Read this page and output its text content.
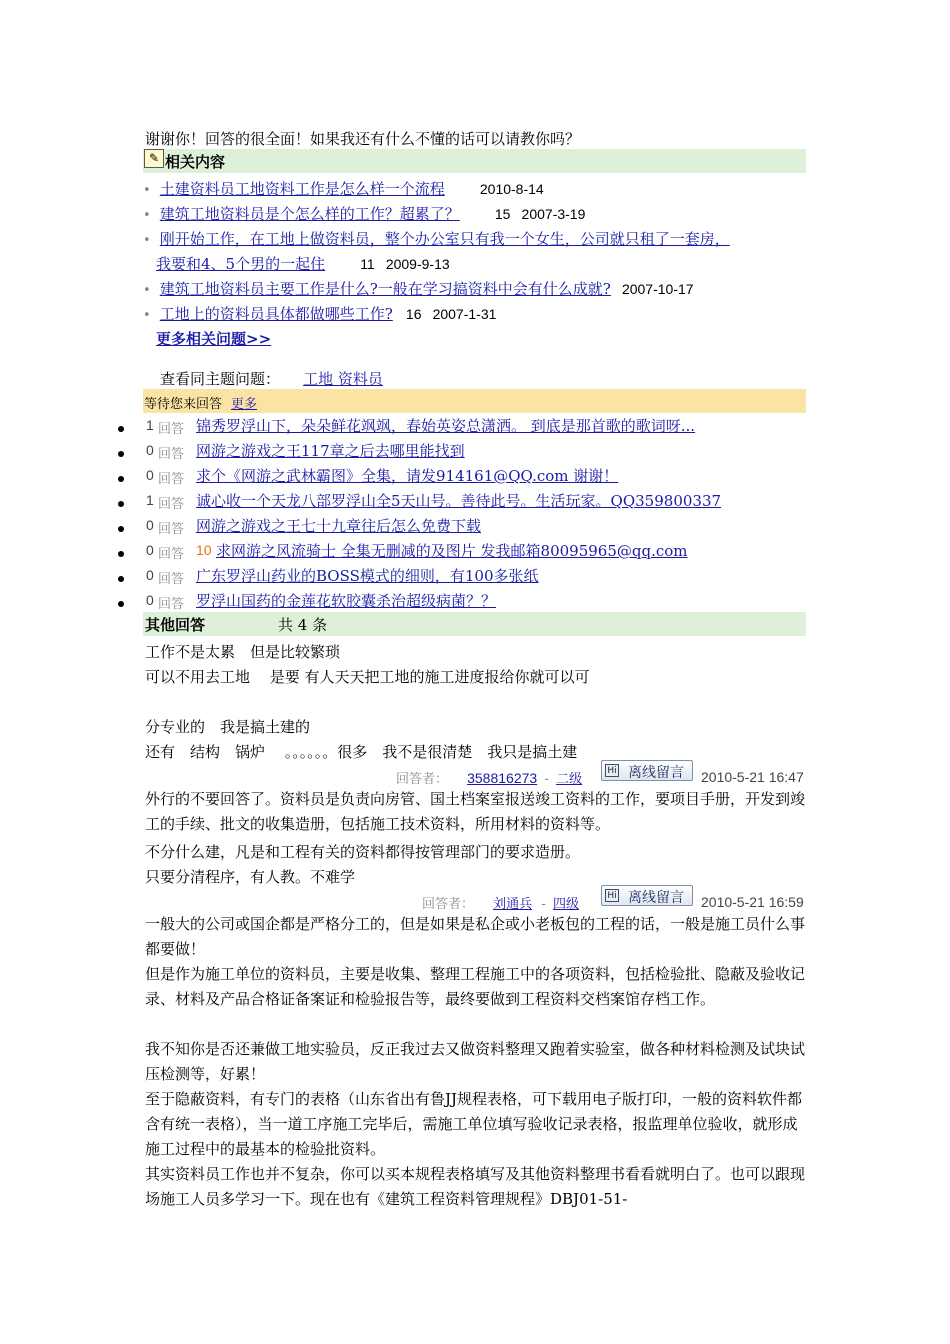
谢谢你！回答的很全面！如果我还有什么不懂的话可以请教你吗？
✎ 相关内容
• 土建资料员工地资料工作是怎么样一个流程	2010-8-14
• 建筑工地资料员是个怎么样的工作？超累了？	15 2007-3-19
• 刚开始工作，在工地上做资料员，整个办公室只有我一个女生，公司就只租了一套房，
我要和4、5个男的一起住	11 2009-9-13
• 建筑工地资料员主要工作是什么?一般在学习搞资料中会有什么成就? 2007-10-17
• 工地上的资料员具体都做哪些工作? 16 2007-1-31
更多相关问题>>
查看同主题问题： 工地 资料员
等待您来回答 更多
1 回答 锦秀罗浮山下，朵朵鲜花飒飒，春始英姿总潇洒。 到底是那首歌的歌词呀...
0 回答 网游之游戏之王117章之后去哪里能找到
0 回答 求个《网游之武林霸图》全集，请发914161@QQ.com 谢谢！
1 回答 诚心收一个天龙八部罗浮山全5天山号。善待此号。生活玩家。QQ359800337
0 回答 网游之游戏之王七十九章往后怎么免费下载
0 回答 10 求网游之风流骑士 全集无删减的及图片 发我邮箱80095965@qq.com
0 回答 广东罗浮山药业的BOSS模式的细则，有100多张纸
0 回答 罗浮山国药的金莲花软胶囊杀治超级病菌？？
其他回答	共 4 条
工作不是太累　但是比较繁琐
可以不用去工地　 是要 有人天天把工地的施工进度报给你就可以可
分专业的　我是搞土建的
还有　结构　锅炉　 。。。。。。很多　我不是很清楚　我只是搞土建
回答者： 358816273 - 二级
Hi 离线留言 2010-5-21 16:47
外行的不要回答了。资料员是负责向房管、国土档案室报送竣工资料的工作，要项目手册，开发到竣工的手续、批文的收集造册，包括施工技术资料，所用材料的资料等。
不分什么建，凡是和工程有关的资料都得按管理部门的要求造册。
只要分清程序，有人教。不难学
回答者： 刘通兵 - 四级
Hi 离线留言 2010-5-21 16:59
一般大的公司或国企都是严格分工的，但是如果是私企或小老板包的工程的话，一般是施工员什么事都要做！
但是作为施工单位的资料员，主要是收集、整理工程施工中的各项资料，包括检验批、隐蔽及验收记录、材料及产品合格证备案证和检验报告等，最终要做到工程资料交档案馆存档工作。
我不知你是否还兼做工地实验员，反正我过去又做资料整理又跑着实验室，做各种材料检测及试块试压检测等，好累！
至于隐蔽资料，有专门的表格（山东省出有鲁JJ规程表格，可下载用电子版打印，一般的资料软件都含有统一表格），当一道工序施工完毕后，需施工单位填写验收记录表格，报监理单位验收，就形成施工过程中的最基本的检验批资料。
其实资料员工作也并不复杂，你可以买本规程表格填写及其他资料整理书看看就明白了。也可以跟现场施工人员多学习一下。现在也有《建筑工程资料管理规程》DBJ01-51-
